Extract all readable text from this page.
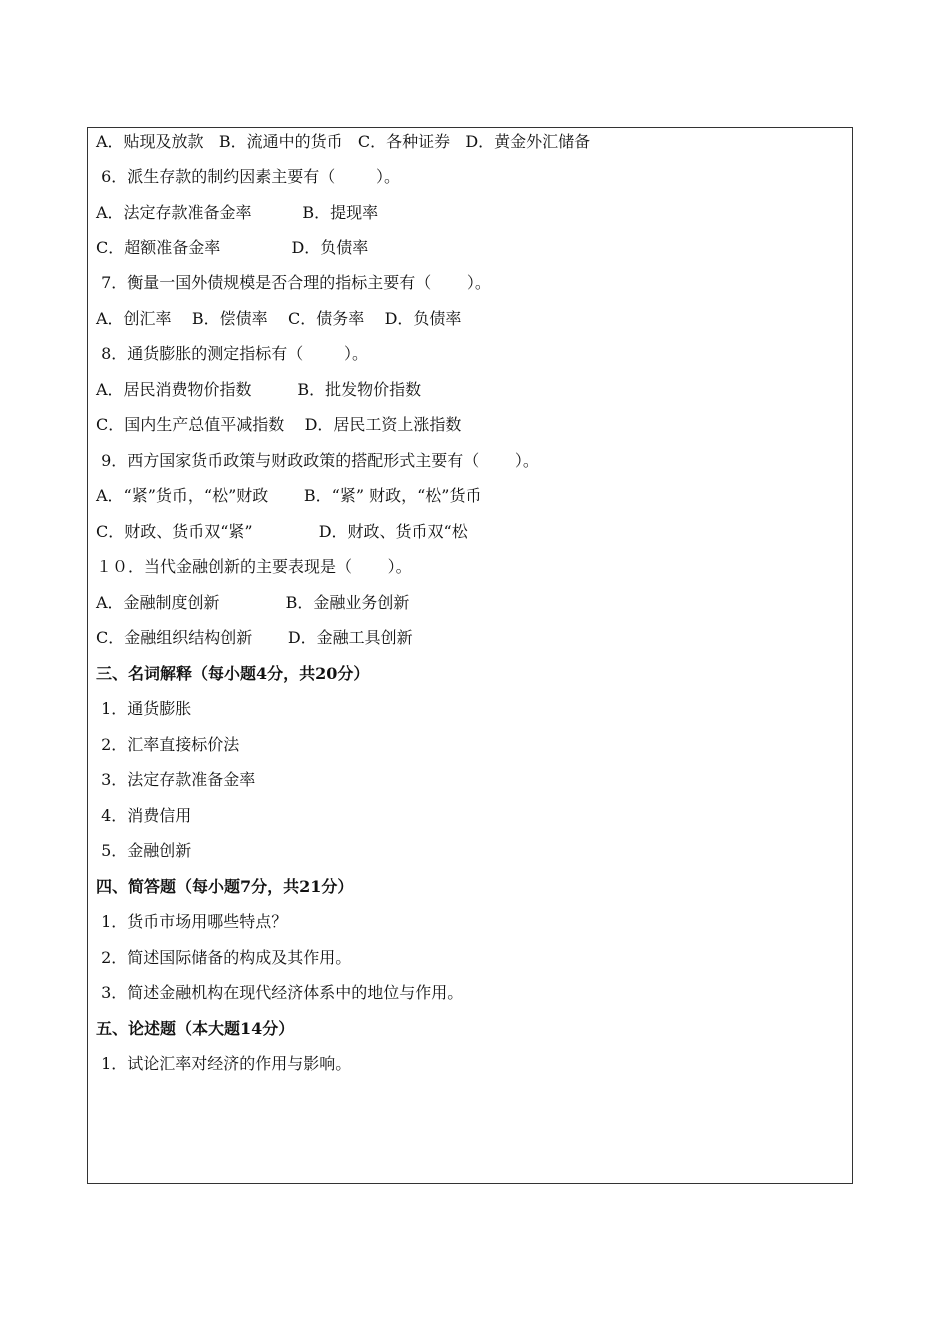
A．贴现及放款   B．流通中的货币   C．各种证券   D．黄金外汇储备
6．派生存款的制约因素主要有（        ）。
A．法定存款准备金率          B．提现率
C．超额准备金率              D．负债率
7．衡量一国外债规模是否合理的指标主要有（       ）。
A．创汇率    B．偿债率    C．债务率    D．负债率
8．通货膨胀的测定指标有（        ）。
A．居民消费物价指数         B．批发物价指数
C．国内生产总值平减指数    D．居民工资上涨指数
9．西方国家货币政策与财政政策的搭配形式主要有（       ）。
A．“紧”货币，“松”财政       B．“紧” 财政，“松”货币
C．财政、货币双“紧”             D．财政、货币双“松
１０．当代金融创新的主要表现是（       ）。
A．金融制度创新             B．金融业务创新
C．金融组织结构创新       D．金融工具创新
三、名词解释（每小题4分，共20分）
1．通货膨胀
2．汇率直接标价法
3．法定存款准备金率
4．消费信用
5．金融创新
四、简答题（每小题7分，共21分）
1．货币市场用哪些特点？
2．简述国际储备的构成及其作用。
3．简述金融机构在现代经济体系中的地位与作用。
五、论述题（本大题14分）
1．试论汇率对经济的作用与影响。
